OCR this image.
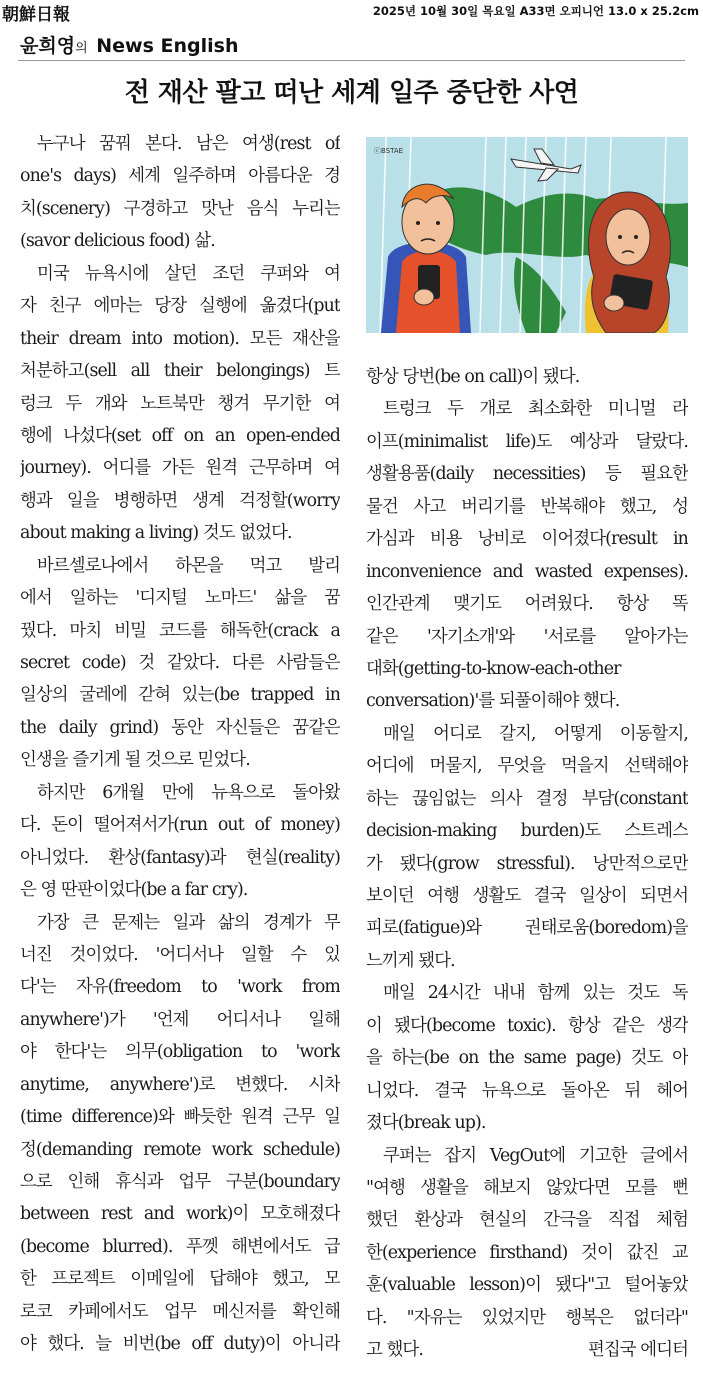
朝鮮日報	2025년 10월 30일 목요일 A33면 오피니언 13.0 x 25.2cm
윤희영의 News English
전 재산 팔고 떠난 세계 일주 중단한 사연
누구나 꿈꿔 본다. 남은 여생(rest of
one's days) 세계 일주하며 아름다운 경
치(scenery) 구경하고 맛난 음식 누리는
(savor delicious food) 삶.
미국 뉴욕시에 살던 조던 쿠퍼와 여
자 친구 에마는 당장 실행에 옮겼다(put
their dream into motion). 모든 재산을
처분하고(sell all their belongings) 트
렁크 두 개와 노트북만 챙겨 무기한 여
행에 나섰다(set off on an open-ended
journey). 어디를 가든 원격 근무하며 여
행과 일을 병행하면 생계 걱정할(worry
about making a living) 것도 없었다.
바르셀로나에서 하몬을 먹고 발리
에서 일하는 '디지털 노마드' 삶을 꿈
꿨다. 마치 비밀 코드를 해독한(crack a
secret code) 것 같았다. 다른 사람들은
일상의 굴레에 갇혀 있는(be trapped in
the daily grind) 동안 자신들은 꿈같은
인생을 즐기게 될 것으로 믿었다.
하지만 6개월 만에 뉴욕으로 돌아왔
다. 돈이 떨어져서가(run out of money)
아니었다. 환상(fantasy)과 현실(reality)
은 영 딴판이었다(be a far cry).
가장 큰 문제는 일과 삶의 경계가 무
너진 것이었다. '어디서나 일할 수 있
다'는 자유(freedom to 'work from
anywhere')가 '언제 어디서나 일해
야 한다'는 의무(obligation to 'work
anytime, anywhere')로 변했다. 시차
(time difference)와 빠듯한 원격 근무 일
정(demanding remote work schedule)
으로 인해 휴식과 업무 구분(boundary
between rest and work)이 모호해졌다
(become blurred). 푸껫 해변에서도 급
한 프로젝트 이메일에 답해야 했고, 모
로코 카페에서도 업무 메신저를 확인해
야 했다. 늘 비번(be off duty)이 아니라
ⓒBSTAE
항상 당번(be on call)이 됐다.
트렁크 두 개로 최소화한 미니멀 라
이프(minimalist life)도 예상과 달랐다.
생활용품(daily necessities) 등 필요한
물건 사고 버리기를 반복해야 했고, 성
가심과 비용 낭비로 이어졌다(result in
inconvenience and wasted expenses).
인간관계 맺기도 어려웠다. 항상 똑
같은 '자기소개'와 '서로를 알아가는
대화(getting-to-know-each-other
conversation)'를 되풀이해야 했다.
매일 어디로 갈지, 어떻게 이동할지,
어디에 머물지, 무엇을 먹을지 선택해야
하는 끊임없는 의사 결정 부담(constant
decision-making burden)도 스트레스
가 됐다(grow stressful). 낭만적으로만
보이던 여행 생활도 결국 일상이 되면서
피로(fatigue)와 권태로움(boredom)을
느끼게 됐다.
매일 24시간 내내 함께 있는 것도 독
이 됐다(become toxic). 항상 같은 생각
을 하는(be on the same page) 것도 아
니었다. 결국 뉴욕으로 돌아온 뒤 헤어
졌다(break up).
쿠퍼는 잡지 VegOut에 기고한 글에서
"여행 생활을 해보지 않았다면 모를 뻔
했던 환상과 현실의 간극을 직접 체험
한(experience firsthand) 것이 값진 교
훈(valuable lesson)이 됐다"고 털어놓았
다. "자유는 있었지만 행복은 없더라"
고 했다.	편집국 에디터
